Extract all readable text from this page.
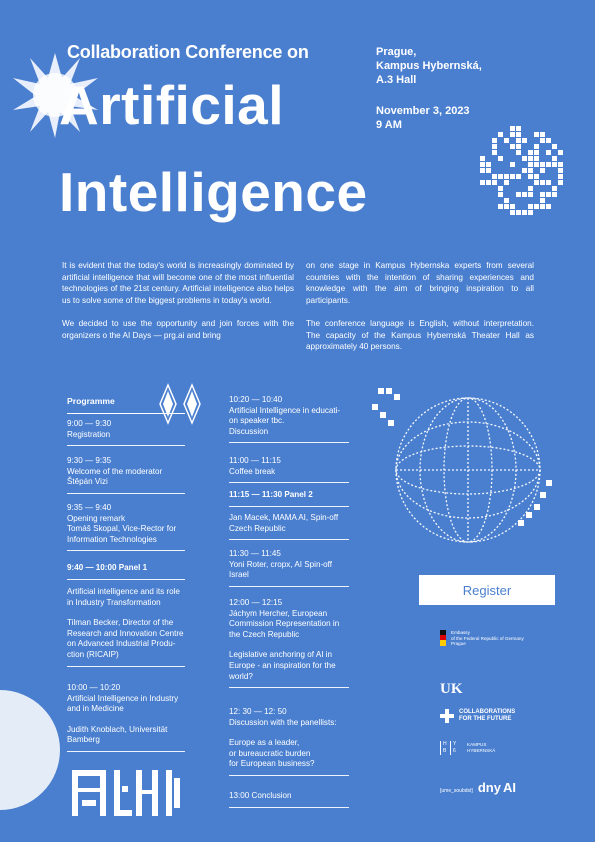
Collaboration Conference on
Artificial
Intelligence
Prague,
Kampus Hybernská,
A.3 Hall
November 3, 2023
9 AM

It is evident that the today's world is increasingly dominated by artificial intelligence that will become one of the most influential technologies of the 21st century. Artificial intelligence also helps us to solve some of the biggest problems in today's world.

We decided to use the opportunity and join forces with the organizers o the AI Days — prg.ai and bring

on one stage in Kampus Hybernska experts from several countries with the intention of sharing experiences and knowledge with the aim of bringing inspiration to all participants.

The conference language is English, without interpretation. The capacity of the Kampus Hybernská Theater Hall as approximately 40 persons.

Programme
9:00 — 9:30
Registration
9:30 — 9:35
Welcome of the moderator
Štěpán Vizi
9:35 — 9:40
Opening remark
Tomáš Skopal, Vice-Rector for
Information Technologies
9:40 — 10:00 Panel 1
Artificial intelligence and its role
in Industry Transformation
Tilman Becker, Director of the
Research and Innovation Centre
on Advanced Industrial Produ-
ction (RICAIP)
10:00 — 10:20
Artificial Intelligence in Industry
and in Medicine
Judith Knoblach, Universität
Bamberg
10:20 — 10:40
Artificial Intelligence in educati-
on speaker tbc.
Discussion
11:00 — 11:15
Coffee break
11:15 — 11:30 Panel 2
Jan Macek, MAMA AI, Spin-off
Czech Republic
11:30 — 11:45
Yoni Roter, cropx, AI Spin-off
Israel
12:00 — 12:15
Jáchym Hercher, European
Commission Representation in
the Czech Republic
Legislative anchoring of AI in
Europe - an inspiration for the
world?
12: 30 — 12: 50
Discussion with the panellists:
Europe as a leader,
or bureaucratic burden
for European business?
13:00 Conclusion
Register
Embassy
of the Federal Republic of Germany
Prague
UK
COLLABORATIONS
FOR THE FUTURE
H	Y
B	6
KAMPUS
HYBERNSKÁ
[ume_soubdst] dny AI
